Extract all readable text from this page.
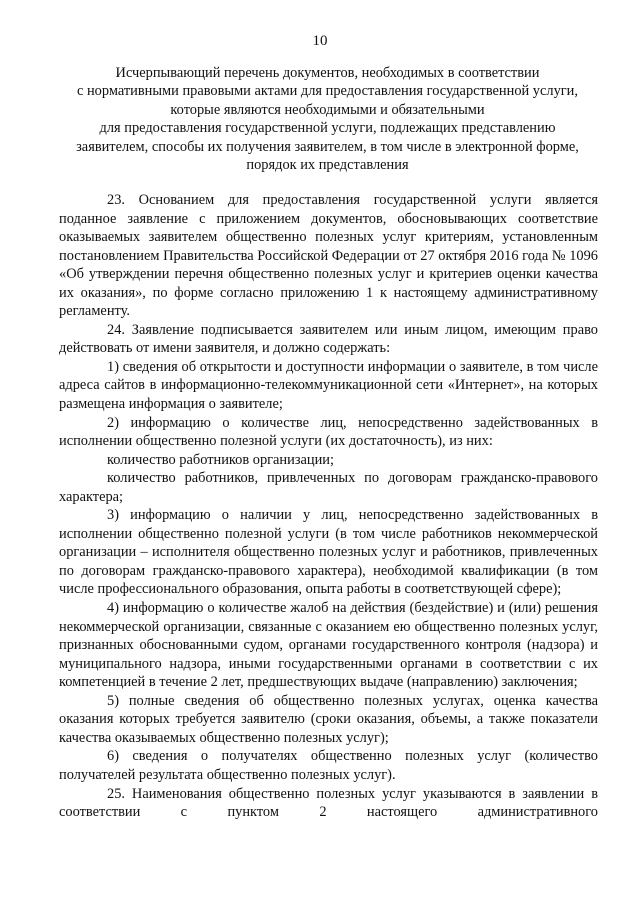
10
Исчерпывающий перечень документов, необходимых в соответствии
с нормативными правовыми актами для предоставления государственной услуги,
которые являются необходимыми и обязательными
для предоставления государственной услуги, подлежащих представлению
заявителем, способы их получения заявителем, в том числе в электронной форме,
порядок их представления

23. Основанием для предоставления государственной услуги является поданное заявление с приложением документов, обосновывающих соответствие оказываемых заявителем общественно полезных услуг критериям, установленным постановлением Правительства Российской Федерации от 27 октября 2016 года № 1096 «Об утверждении перечня общественно полезных услуг и критериев оценки качества их оказания», по форме согласно приложению 1 к настоящему административному регламенту.

24. Заявление подписывается заявителем или иным лицом, имеющим право действовать от имени заявителя, и должно содержать:

1) сведения об открытости и доступности информации о заявителе, в том числе адреса сайтов в информационно-телекоммуникационной сети «Интернет», на которых размещена информация о заявителе;

2) информацию о количестве лиц, непосредственно задействованных в исполнении общественно полезной услуги (их достаточность), из них:

количество работников организации;

количество работников, привлеченных по договорам гражданско-правового характера;

3) информацию о наличии у лиц, непосредственно задействованных в исполнении общественно полезной услуги (в том числе работников некоммерческой организации – исполнителя общественно полезных услуг и работников, привлеченных по договорам гражданско-правового характера), необходимой квалификации (в том числе профессионального образования, опыта работы в соответствующей сфере);

4) информацию о количестве жалоб на действия (бездействие) и (или) решения некоммерческой организации, связанные с оказанием ею общественно полезных услуг, признанных обоснованными судом, органами государственного контроля (надзора) и муниципального надзора, иными государственными органами в соответствии с их компетенцией в течение 2 лет, предшествующих выдаче (направлению) заключения;

5) полные сведения об общественно полезных услугах, оценка качества оказания которых требуется заявителю (сроки оказания, объемы, а также показатели качества оказываемых общественно полезных услуг);

6) сведения о получателях общественно полезных услуг (количество получателей результата общественно полезных услуг).

25. Наименования общественно полезных услуг указываются в заявлении в соответствии с пунктом 2 настоящего административного
